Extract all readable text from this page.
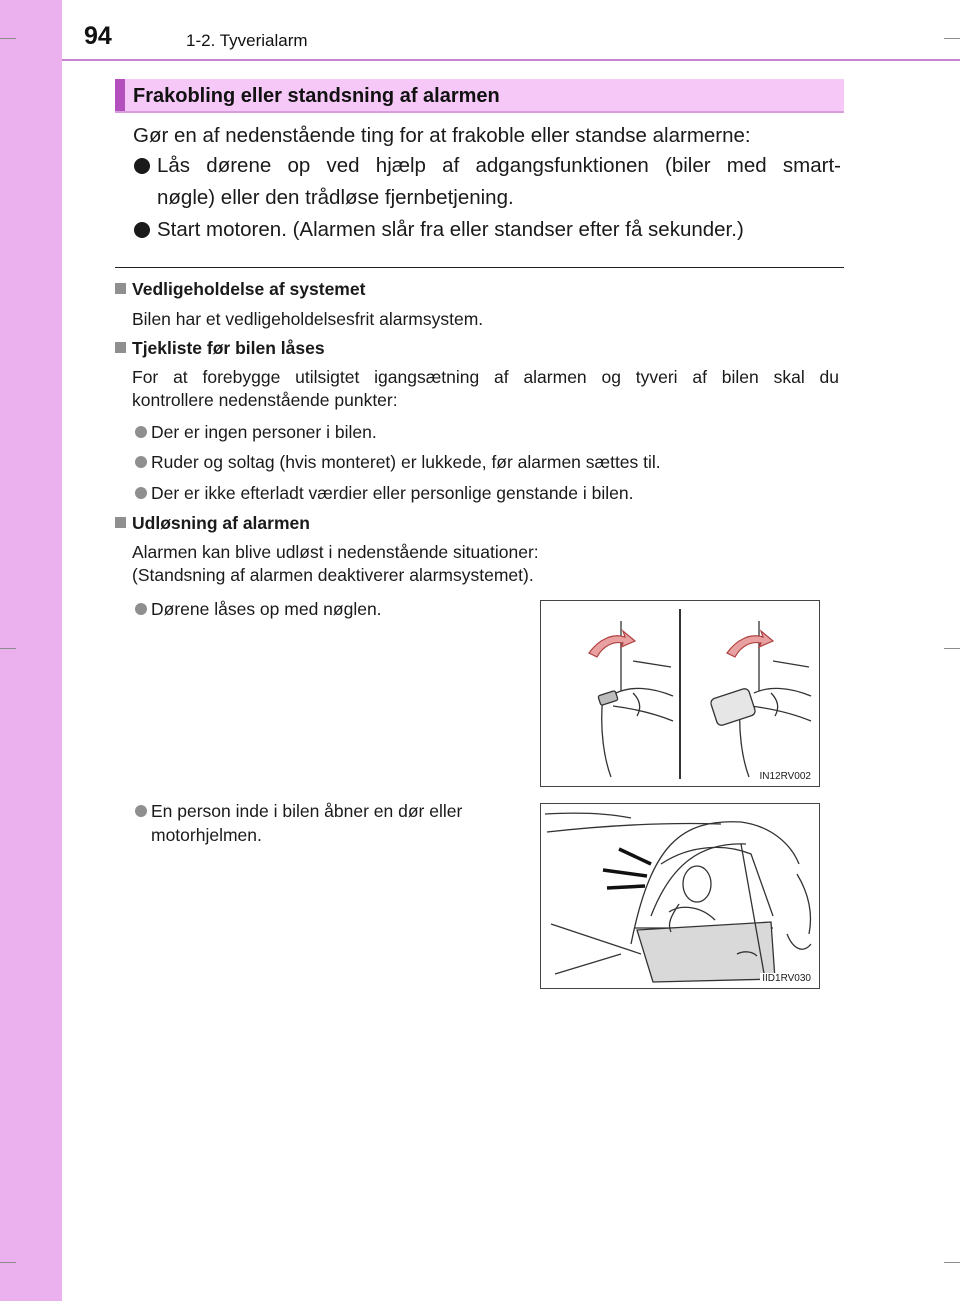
94	1-2. Tyverialarm
Frakobling eller standsning af alarmen
Gør en af nedenstående ting for at frakoble eller standse alarmerne:
Lås dørene op ved hjælp af adgangsfunktionen (biler med smart-
nøgle) eller den trådløse fjernbetjening.
Start motoren. (Alarmen slår fra eller standser efter få sekunder.)
Vedligeholdelse af systemet
Bilen har et vedligeholdelsesfrit alarmsystem.
Tjekliste før bilen låses
For at forebygge utilsigtet igangsætning af alarmen og tyveri af bilen skal du
kontrollere nedenstående punkter:
Der er ingen personer i bilen.
Ruder og soltag (hvis monteret) er lukkede, før alarmen sættes til.
Der er ikke efterladt værdier eller personlige genstande i bilen.
Udløsning af alarmen
Alarmen kan blive udløst i nedenstående situationer:
(Standsning af alarmen deaktiverer alarmsystemet).
Dørene låses op med nøglen.
En person inde i bilen åbner en dør eller
motorhjelmen.
IN12RV002
IID1RV030
